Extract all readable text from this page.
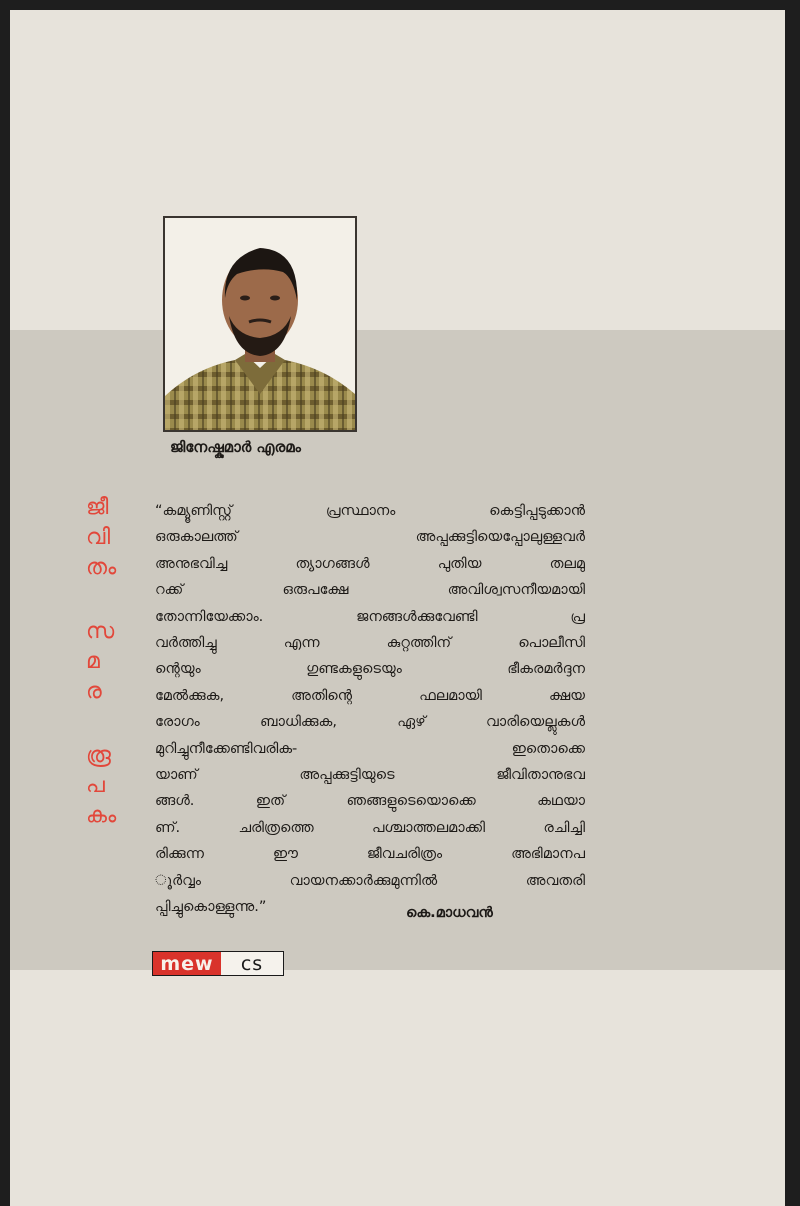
ജിനേഷ്കുമാർ എരമം
ജീ
വി
തം
സ
മ
ര
രൂ
പ
കം
“കമ്യൂണിസ്റ്റ് പ്രസ്ഥാനം കെട്ടിപ്പടുക്കാൻ
ഒരുകാലത്ത് അപ്പക്കുട്ടിയെപ്പോലുള്ളവർ
അനുഭവിച്ച ത്യാഗങ്ങൾ പുതിയ തലമു
റക്ക് ഒരുപക്ഷേ അവിശ്വസനീയമായി
തോന്നിയേക്കാം. ജനങ്ങൾക്കുവേണ്ടി പ്ര
വർത്തിച്ചു എന്ന കുറ്റത്തിന് പൊലീസി
ന്റെയും ഗുണ്ടകളുടെയും ഭീകരമർദ്ദന
മേൽക്കുക, അതിന്റെ ഫലമായി ക്ഷയ
രോഗം ബാധിക്കുക, ഏഴ് വാരിയെല്ലുകൾ
മുറിച്ചുനീക്കേണ്ടിവരിക- ഇതൊക്കെ
യാണ് അപ്പക്കുട്ടിയുടെ ജീവിതാനുഭവ
ങ്ങൾ. ഇത് ഞങ്ങളുടെയൊക്കെ കഥയാ
ണ്. ചരിത്രത്തെ പശ്ചാത്തലമാക്കി രചിച്ചി
രിക്കുന്ന ഈ ജീവചരിത്രം അഭിമാനപ
ൂർവ്വം വായനക്കാർക്കുമുന്നിൽ അവതരി
പ്പിച്ചുകൊള്ളുന്നു.”	കെ.മാധവൻ
mew	cs
